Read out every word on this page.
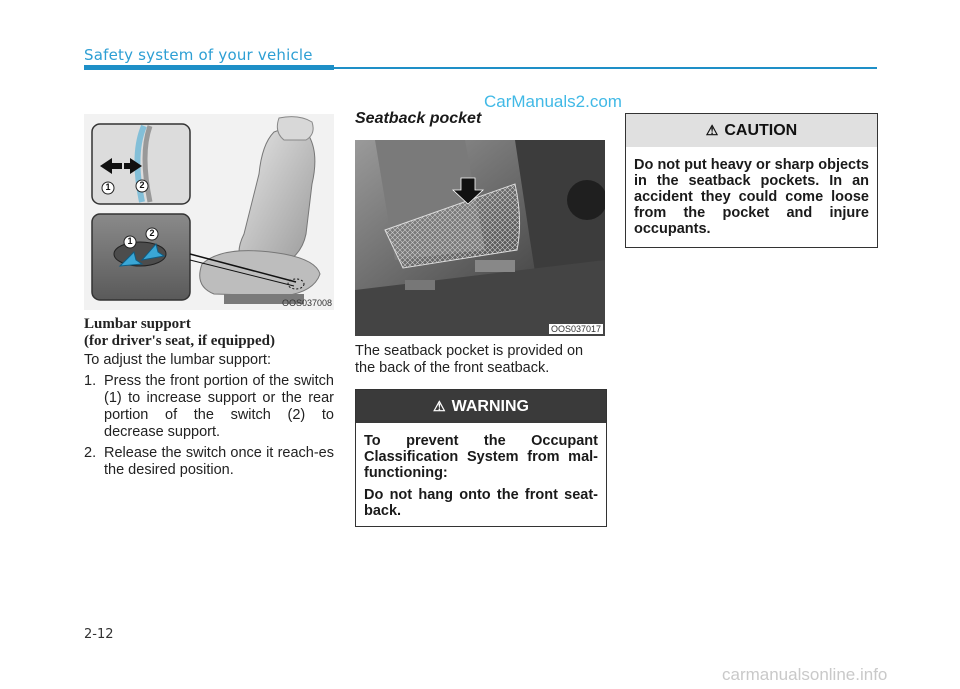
Safety system of your vehicle
CarManuals2.com
OOS037008
1	2
1
2
Lumbar support
(for driver's seat, if equipped)
To adjust the lumbar support:
1. Press the front portion of the switch (1) to increase support or the rear portion of the switch (2) to decrease support.
2. Release the switch once it reach-es the desired position.
Seatback pocket
OOS037017
The seatback pocket is provided on the back of the front seatback.
⚠ WARNING

To prevent the Occupant Classification System from mal-functioning:

Do not hang onto the front seat-back.

⚠ CAUTION
Do not put heavy or sharp objects in the seatback pockets. In an accident they could come loose from the pocket and injure occupants.
2-12
carmanualsonline.info
